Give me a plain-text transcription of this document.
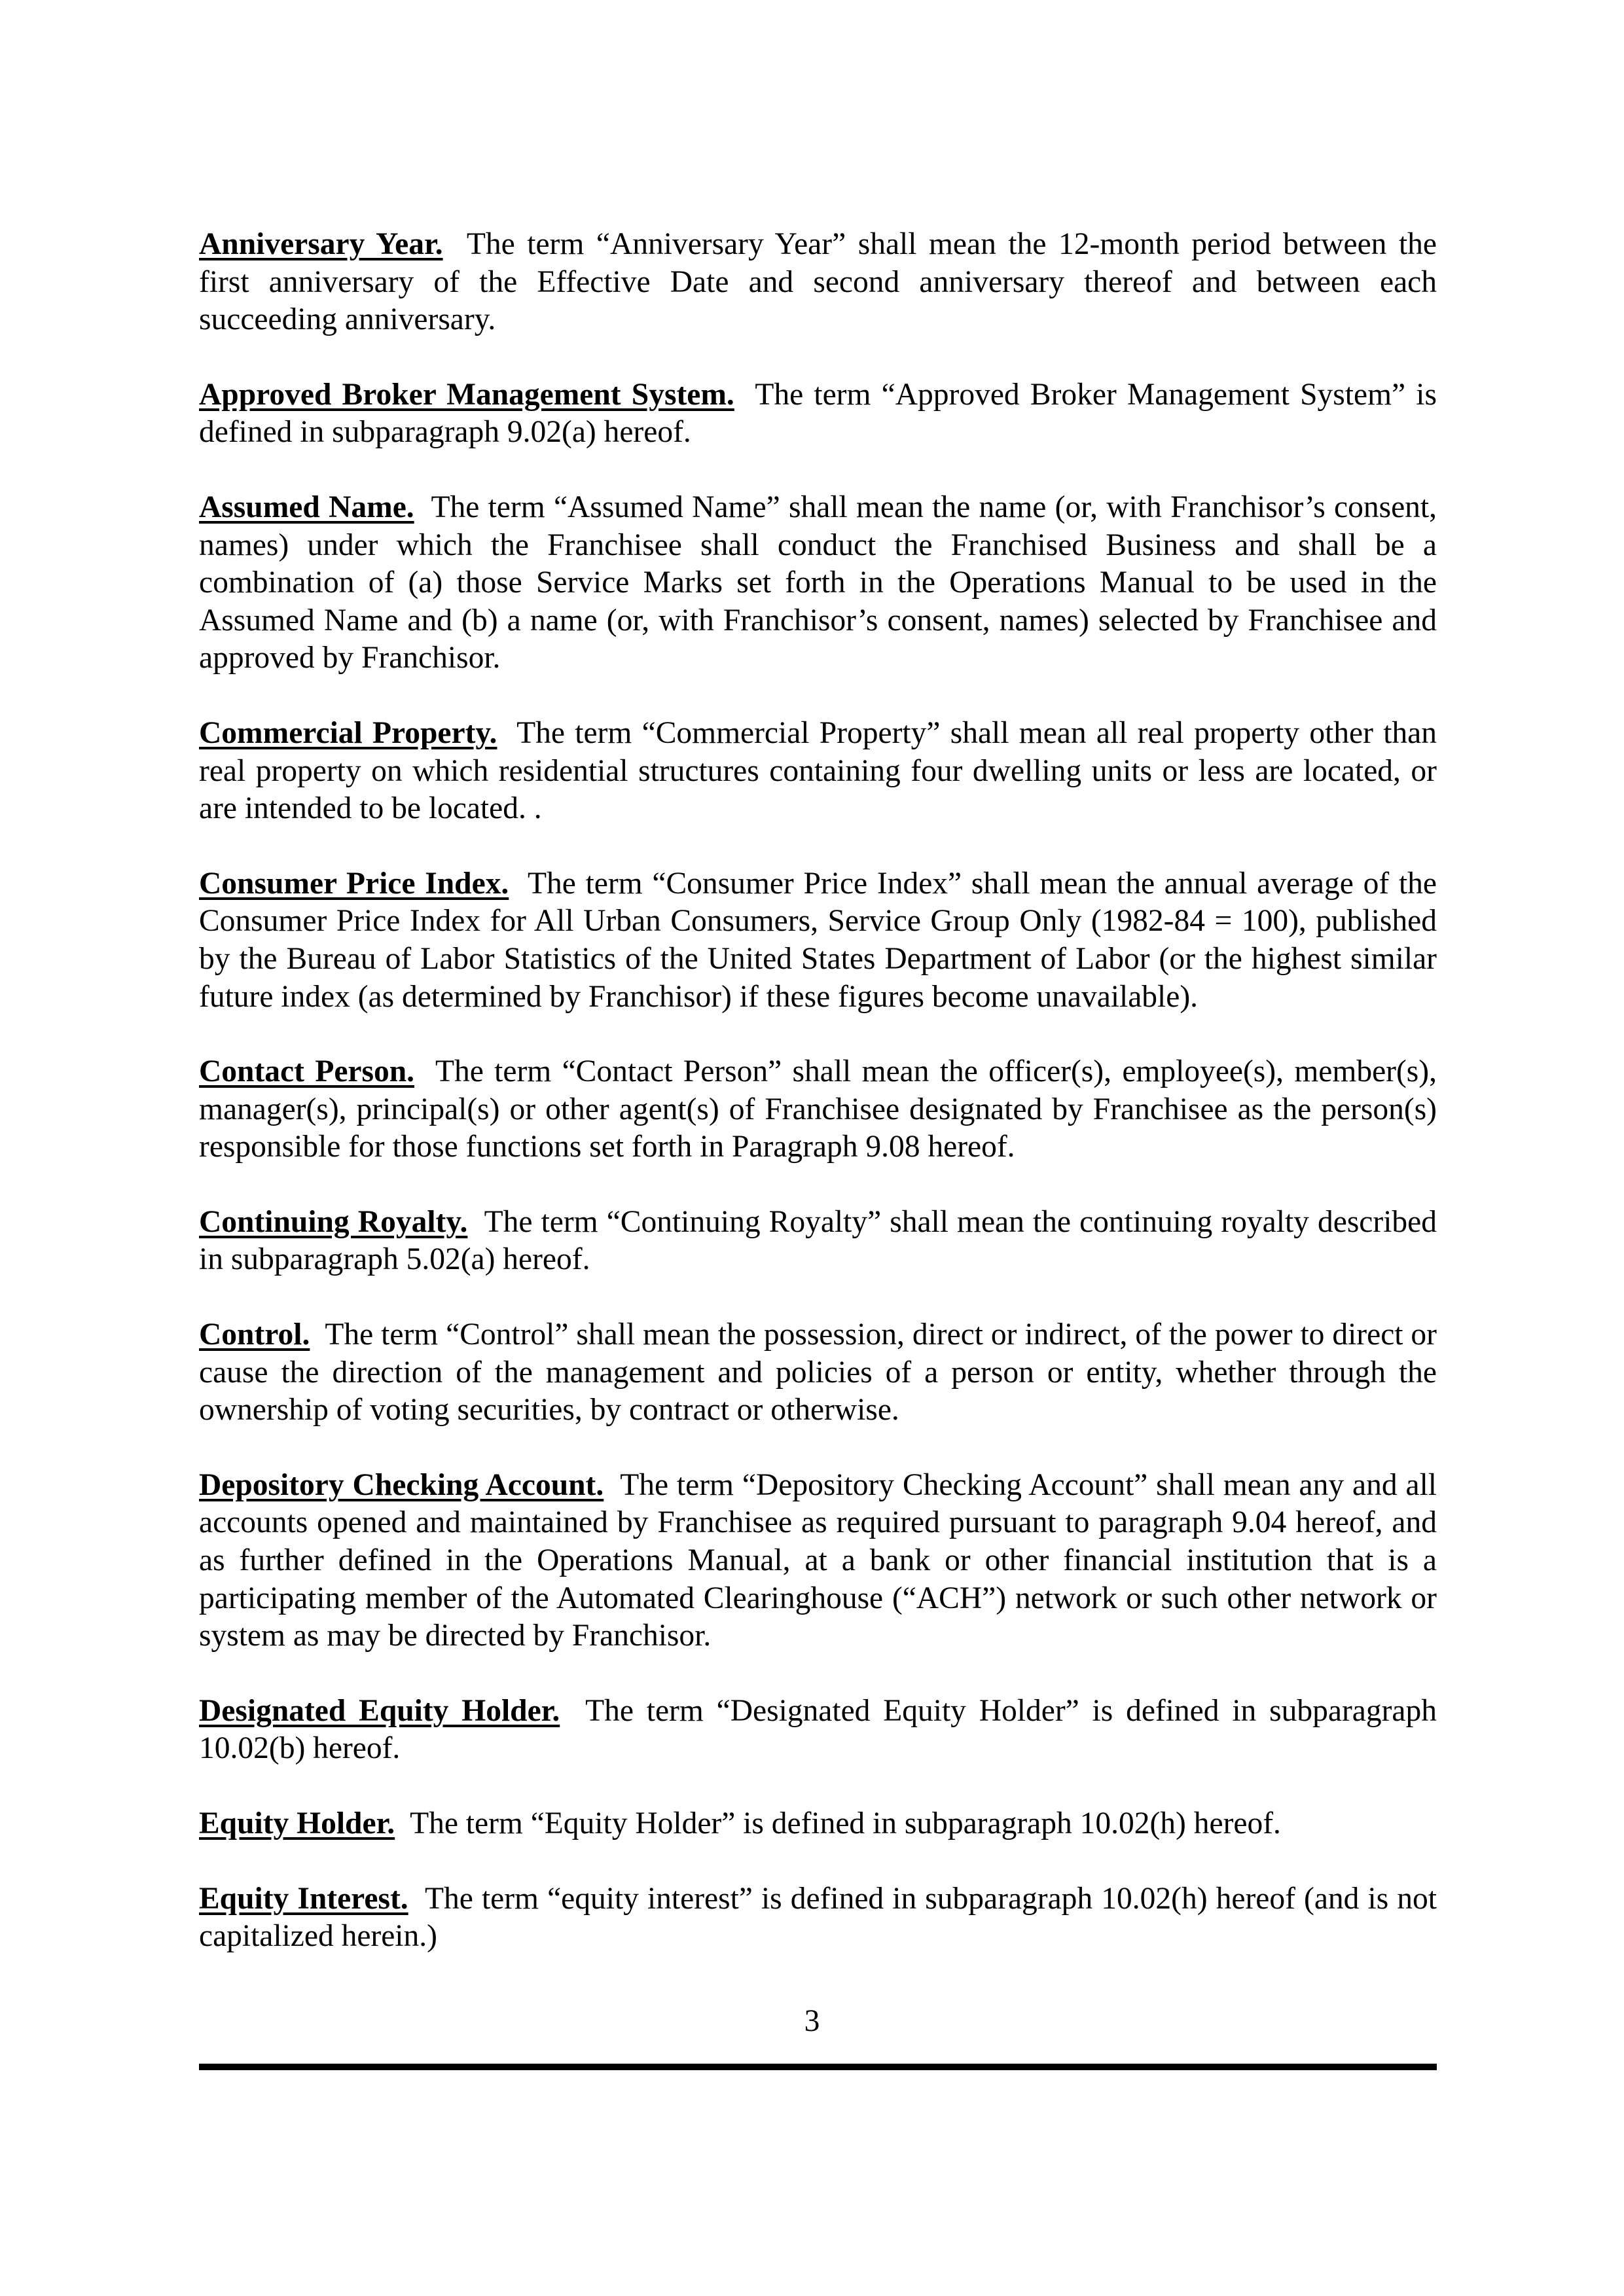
Anniversary Year. The term “Anniversary Year” shall mean the 12-month period between the first anniversary of the Effective Date and second anniversary thereof and between each succeeding anniversary.

Approved Broker Management System. The term “Approved Broker Management System” is defined in subparagraph 9.02(a) hereof.

Assumed Name. The term “Assumed Name” shall mean the name (or, with Franchisor’s consent, names) under which the Franchisee shall conduct the Franchised Business and shall be a combination of (a) those Service Marks set forth in the Operations Manual to be used in the Assumed Name and (b) a name (or, with Franchisor’s consent, names) selected by Franchisee and approved by Franchisor.

Commercial Property. The term “Commercial Property” shall mean all real property other than real property on which residential structures containing four dwelling units or less are located, or are intended to be located. .

Consumer Price Index. The term “Consumer Price Index” shall mean the annual average of the Consumer Price Index for All Urban Consumers, Service Group Only (1982-84 = 100), published by the Bureau of Labor Statistics of the United States Department of Labor (or the highest similar future index (as determined by Franchisor) if these figures become unavailable).

Contact Person. The term “Contact Person” shall mean the officer(s), employee(s), member(s), manager(s), principal(s) or other agent(s) of Franchisee designated by Franchisee as the person(s) responsible for those functions set forth in Paragraph 9.08 hereof.

Continuing Royalty. The term “Continuing Royalty” shall mean the continuing royalty described in subparagraph 5.02(a) hereof.

Control. The term “Control” shall mean the possession, direct or indirect, of the power to direct or cause the direction of the management and policies of a person or entity, whether through the ownership of voting securities, by contract or otherwise.

Depository Checking Account. The term “Depository Checking Account” shall mean any and all accounts opened and maintained by Franchisee as required pursuant to paragraph 9.04 hereof, and as further defined in the Operations Manual, at a bank or other financial institution that is a participating member of the Automated Clearinghouse (“ACH”) network or such other network or system as may be directed by Franchisor.

Designated Equity Holder. The term “Designated Equity Holder” is defined in subparagraph 10.02(b) hereof.

Equity Holder. The term “Equity Holder” is defined in subparagraph 10.02(h) hereof.

Equity Interest. The term “equity interest” is defined in subparagraph 10.02(h) hereof (and is not capitalized herein.)

3
